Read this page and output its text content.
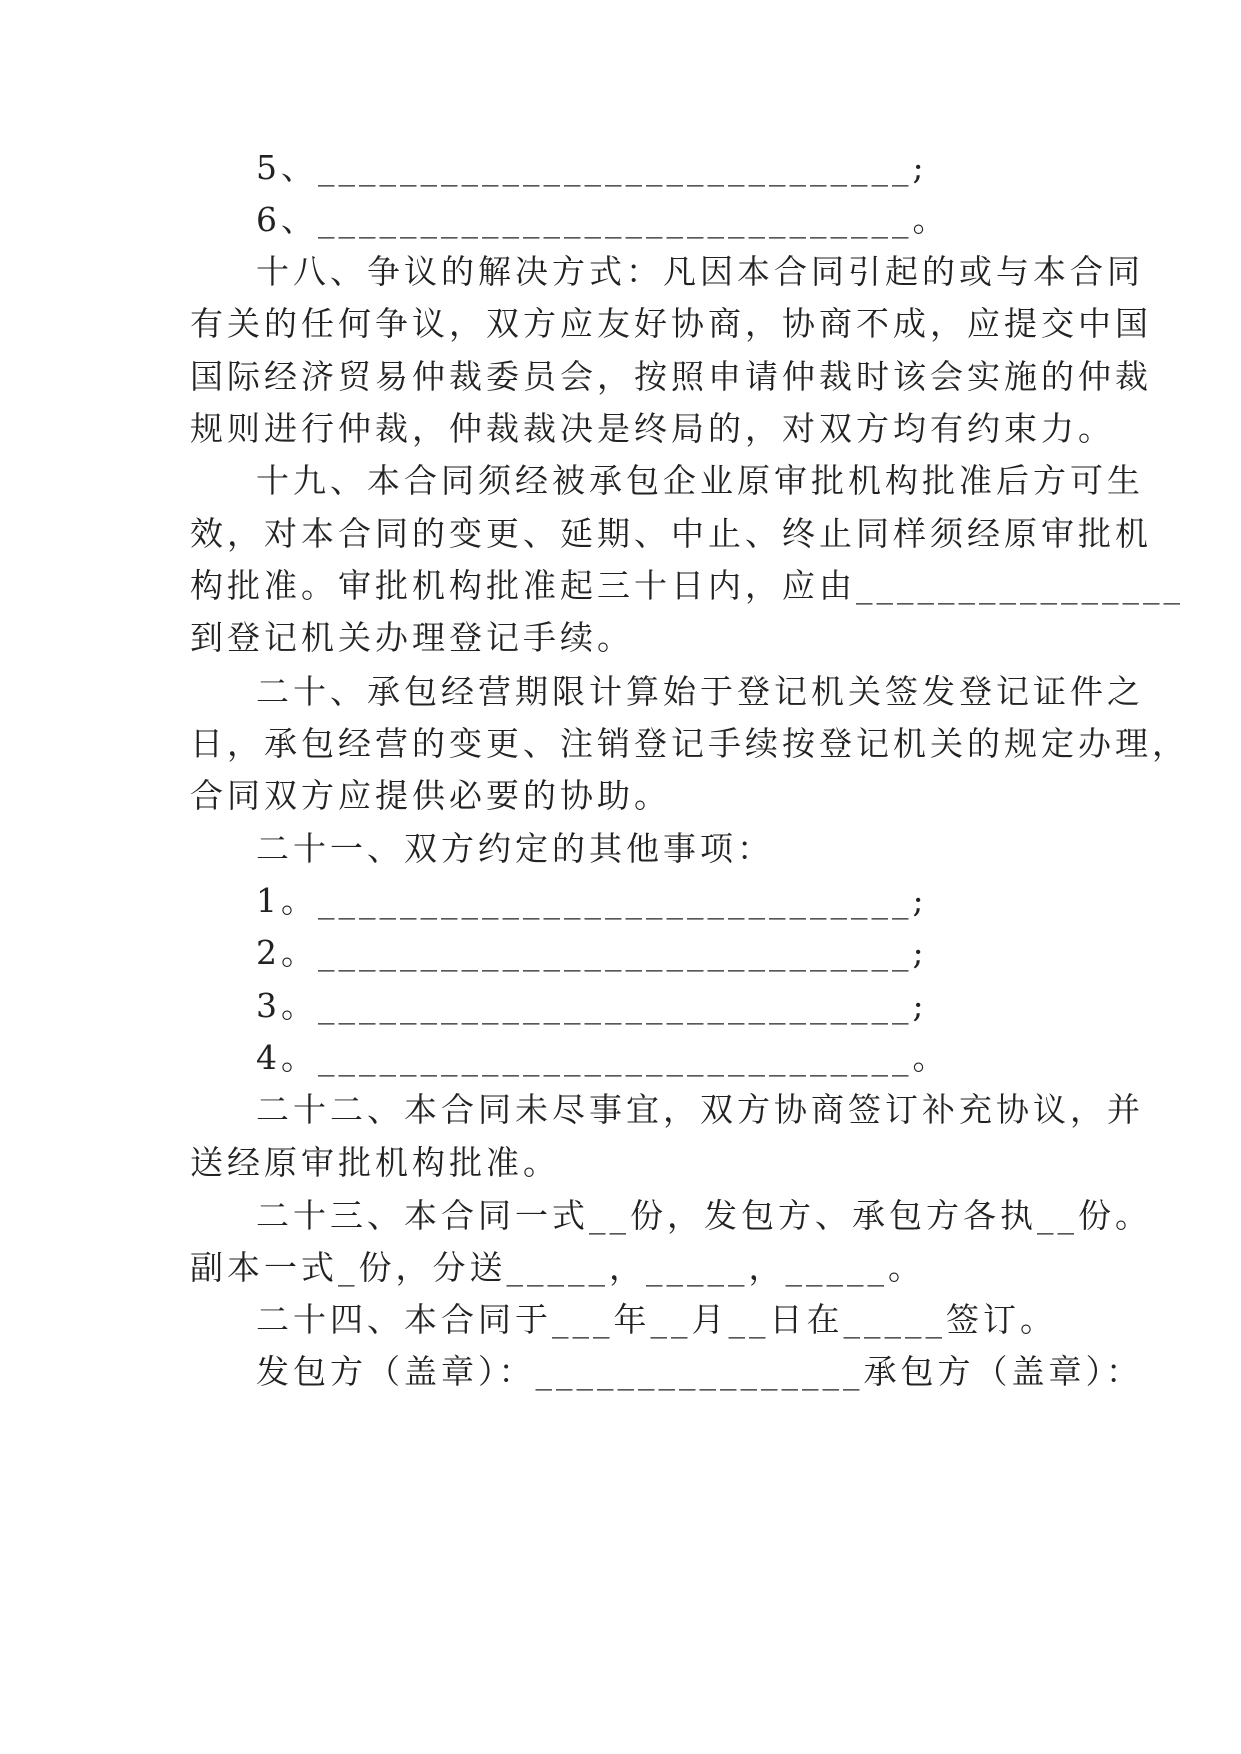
5、_____________________________;
6、_____________________________。
十八、争议的解决方式：凡因本合同引起的或与本合同
有关的任何争议，双方应友好协商，协商不成，应提交中国
国际经济贸易仲裁委员会，按照申请仲裁时该会实施的仲裁
规则进行仲裁，仲裁裁决是终局的，对双方均有约束力。
十九、本合同须经被承包企业原审批机构批准后方可生
效，对本合同的变更、延期、中止、终止同样须经原审批机
构批准。审批机构批准起三十日内，应由________________
到登记机关办理登记手续。
二十、承包经营期限计算始于登记机关签发登记证件之
日，承包经营的变更、注销登记手续按登记机关的规定办理，
合同双方应提供必要的协助。
二十一、双方约定的其他事项：
1。_____________________________;
2。_____________________________;
3。_____________________________;
4。_____________________________。
二十二、本合同未尽事宜，双方协商签订补充协议，并
送经原审批机构批准。
二十三、本合同一式__份，发包方、承包方各执__份。
副本一式_份，分送_____，_____，_____。
二十四、本合同于___年__月__日在_____签订。
发包方（盖章）：________________承包方（盖章）：
